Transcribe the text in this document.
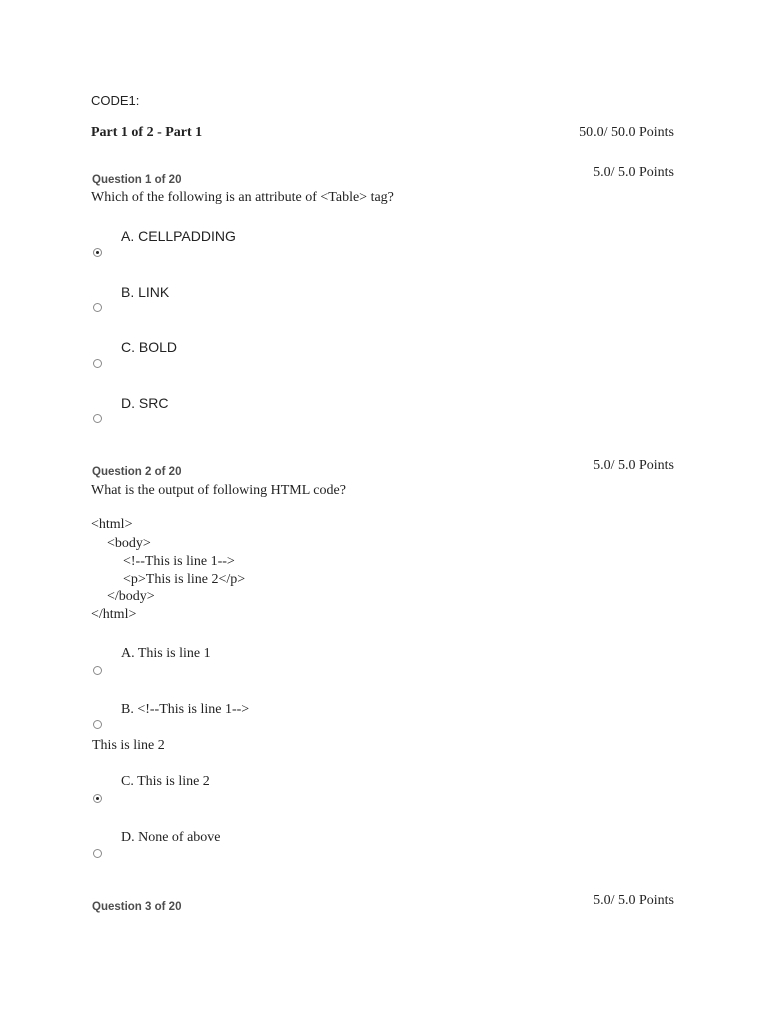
CODE1:
Part 1 of 2 - Part 1	50.0/ 50.0 Points
Question 1 of 20	5.0/ 5.0 Points
Which of the following is an attribute of <Table> tag?
A. CELLPADDING
B. LINK
C. BOLD
D. SRC
Question 2 of 20	5.0/ 5.0 Points
What is the output of following HTML code?
<html>
<body>
<!--This is line 1-->
<p>This is line 2</p>
</body>
</html>
A. This is line 1
B. <!--This is line 1-->
This is line 2
C. This is line 2
D. None of above
Question 3 of 20	5.0/ 5.0 Points
